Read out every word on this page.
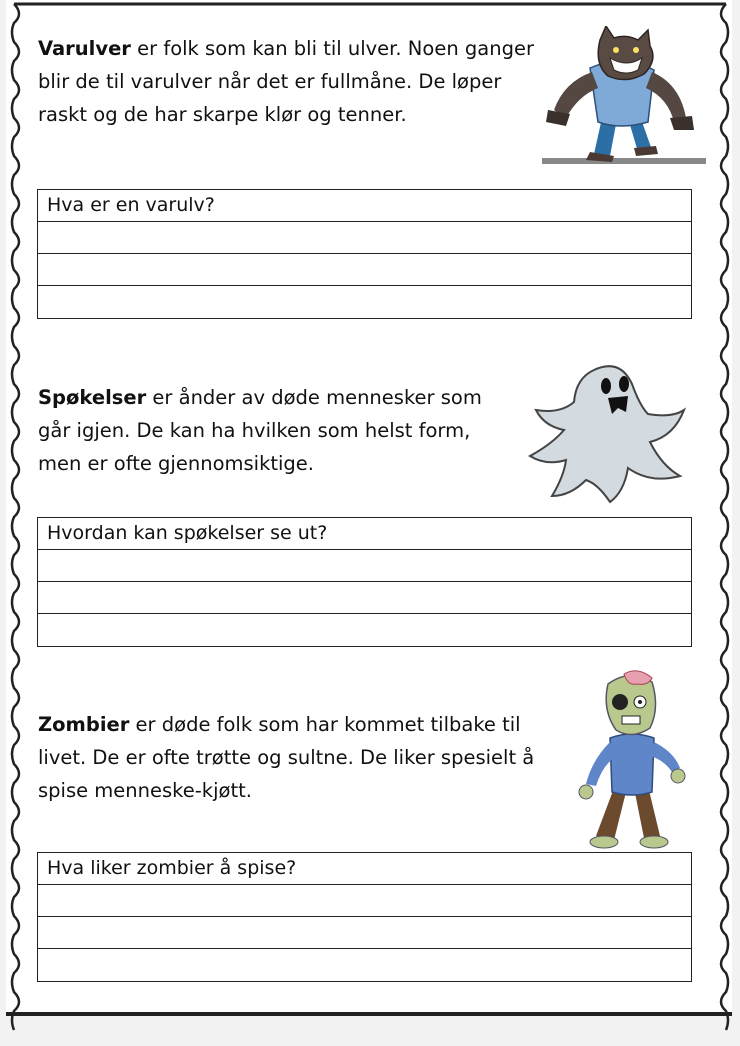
Varulver er folk som kan bli til ulver. Noen ganger blir de til varulver når det er fullmåne. De løper raskt og de har skarpe klør og tenner.
Hva er en varulv?
Spøkelser er ånder av døde mennesker som går igjen. De kan ha hvilken som helst form, men er ofte gjennomsiktige.
Hvordan kan spøkelser se ut?
Zombier er døde folk som har kommet tilbake til livet. De er ofte trøtte og sultne. De liker spesielt å spise menneske-kjøtt.
Hva liker zombier å spise?
